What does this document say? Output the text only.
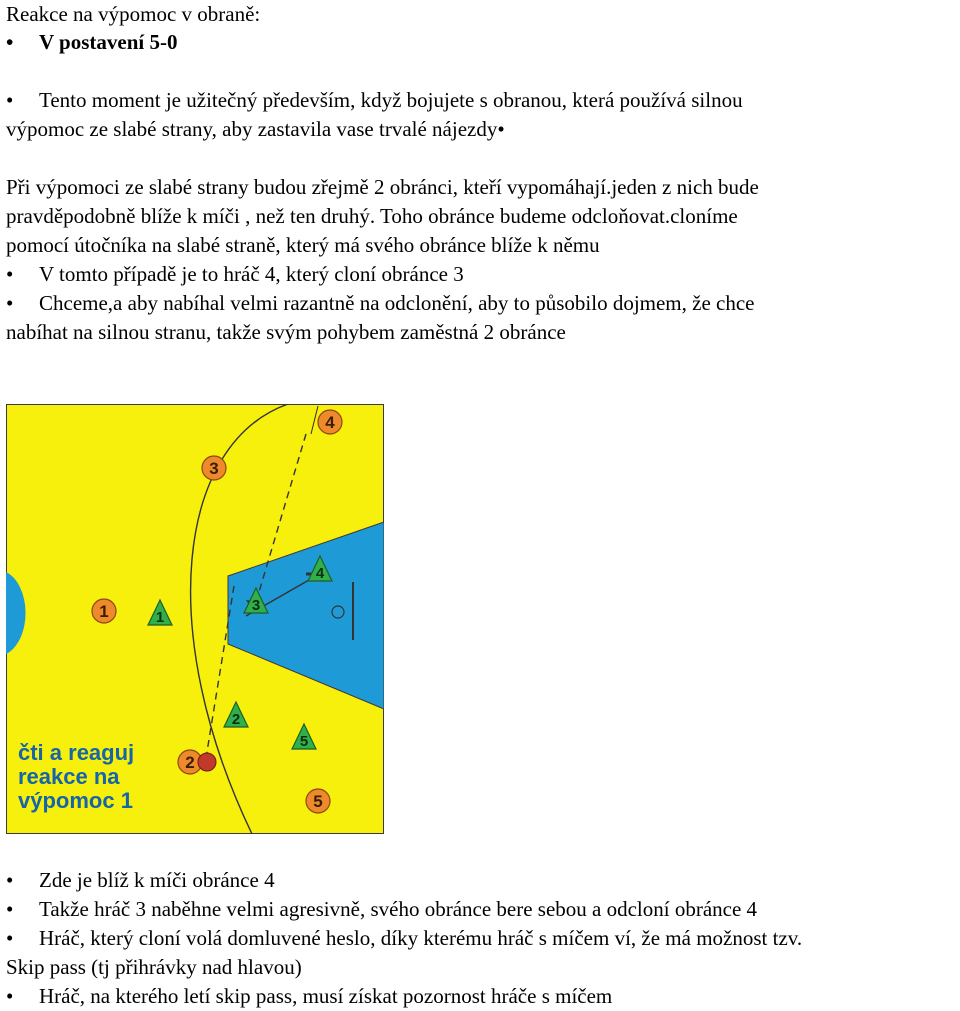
Reakce na výpomoc v obraně:
• V postavení 5-0
• Tento moment je užitečný především, když bojujete s obranou, která používá silnou
výpomoc ze slabé strany, aby zastavila vase trvalé nájezdy•
Při výpomoci ze slabé strany budou zřejmě 2 obránci, kteří vypomáhají.jeden z nich bude
pravděpodobně blíže k míči , než ten druhý. Toho obránce budeme odcloňovat.cloníme
pomocí útočníka na slabé straně, který má svého obránce blíže k němu
• V tomto případě je to hráč 4, který cloní obránce 3
• Chceme,a aby nabíhal velmi razantně na odclonění, aby to působilo dojmem, že chce
nabíhat na silnou stranu, takže svým pohybem zaměstná 2 obránce
1
2
3
4
5
1
2
3
4
5
čti a reaguj
reakce na
výpomoc 1
• Zde je blíž k míči obránce 4
• Takže hráč 3 naběhne velmi agresivně, svého obránce bere sebou a odcloní obránce 4
• Hráč, který cloní volá domluvené heslo, díky kterému hráč s míčem ví, že má možnost tzv.
Skip pass (tj přihrávky nad hlavou)
• Hráč, na kterého letí skip pass, musí získat pozornost hráče s míčem
